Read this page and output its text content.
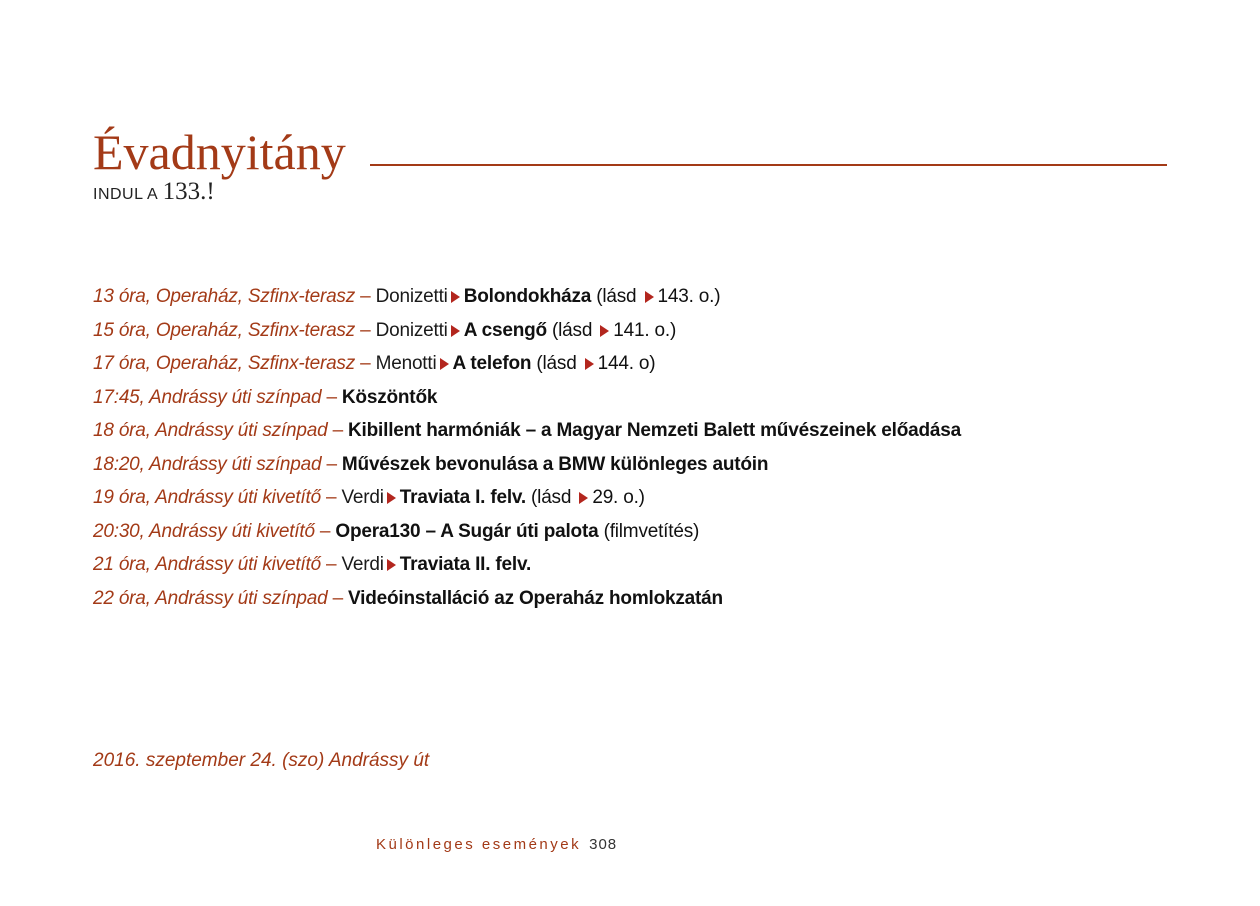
Évadnyitány
INDUL A 133.!
13 óra, Operaház, Szfinx-terasz – Donizetti Bolondokháza (lásd 143. o.)
15 óra, Operaház, Szfinx-terasz – Donizetti A csengő (lásd 141. o.)
17 óra, Operaház, Szfinx-terasz – Menotti A telefon (lásd 144. o)
17:45, Andrássy úti színpad – Köszöntők
18 óra, Andrássy úti színpad – Kibillent harmóniák – a Magyar Nemzeti Balett művészeinek előadása
18:20, Andrássy úti színpad – Művészek bevonulása a BMW különleges autóin
19 óra, Andrássy úti kivetítő – Verdi Traviata I. felv. (lásd 29. o.)
20:30, Andrássy úti kivetítő – Opera130 – A Sugár úti palota (filmvetítés)
21 óra, Andrássy úti kivetítő – Verdi Traviata II. felv.
22 óra, Andrássy úti színpad – Videóinstalláció az Operaház homlokzatán
2016. szeptember 24. (szo) Andrássy út
Különleges események 308
